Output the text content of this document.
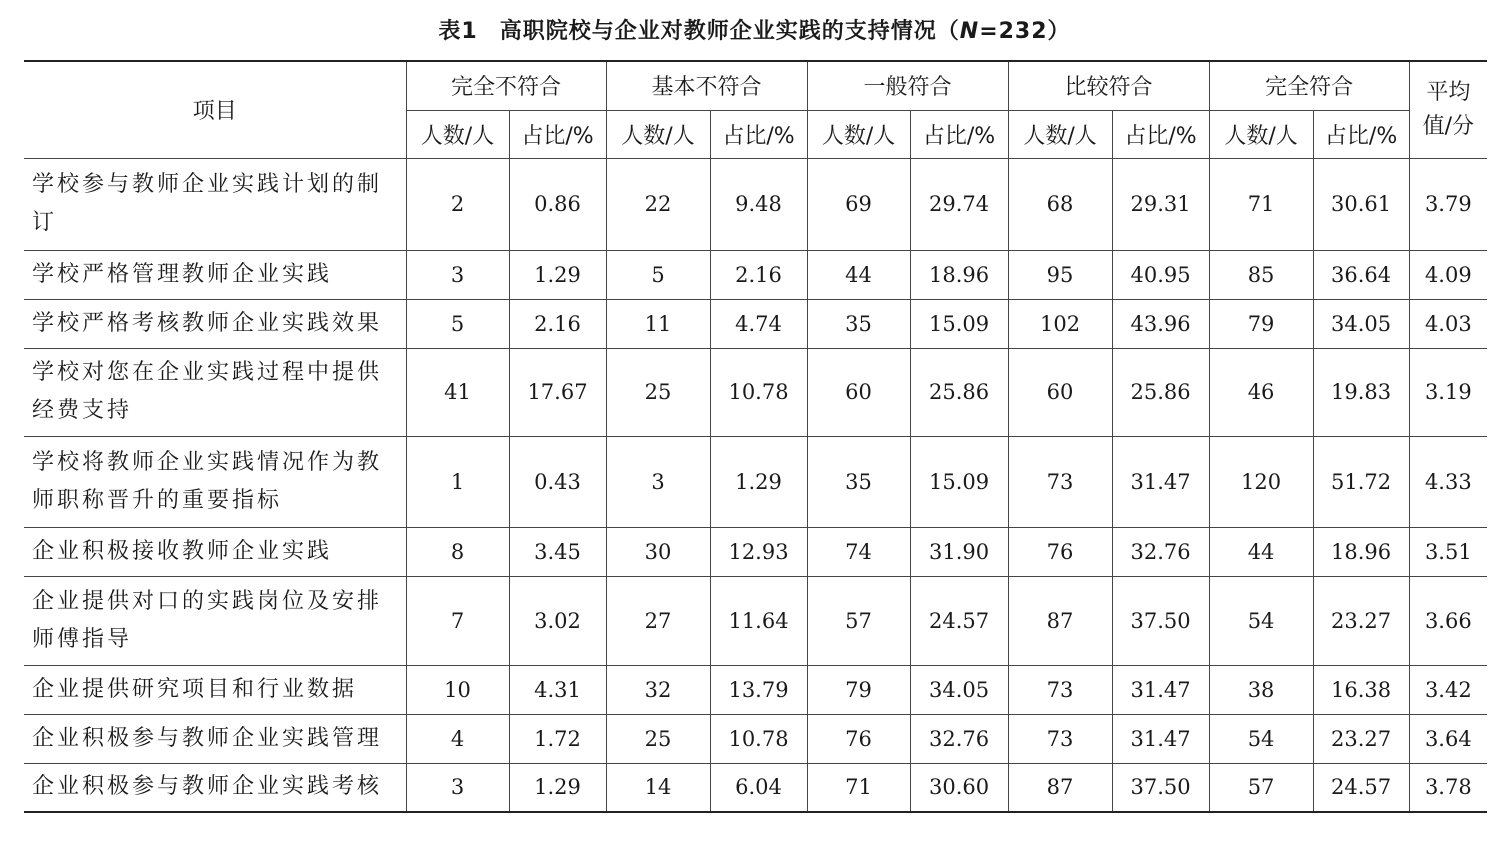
表1 高职院校与企业对教师企业实践的支持情况（N=232）
项目	完全不符合		基本不符合		一般符合		比较符合		完全符合		平均
值/分
	人数/人	占比/%	人数/人	占比/%	人数/人	占比/%	人数/人	占比/%	人数/人	占比/%	
学校参与教师企业实践计划的制订	2	0.86	22	9.48	69	29.74	68	29.31	71	30.61	3.79
学校严格管理教师企业实践	3	1.29	5	2.16	44	18.96	95	40.95	85	36.64	4.09
学校严格考核教师企业实践效果	5	2.16	11	4.74	35	15.09	102	43.96	79	34.05	4.03
学校对您在企业实践过程中提供经费支持	41	17.67	25	10.78	60	25.86	60	25.86	46	19.83	3.19
学校将教师企业实践情况作为教师职称晋升的重要指标	1	0.43	3	1.29	35	15.09	73	31.47	120	51.72	4.33
企业积极接收教师企业实践	8	3.45	30	12.93	74	31.90	76	32.76	44	18.96	3.51
企业提供对口的实践岗位及安排师傅指导	7	3.02	27	11.64	57	24.57	87	37.50	54	23.27	3.66
企业提供研究项目和行业数据	10	4.31	32	13.79	79	34.05	73	31.47	38	16.38	3.42
企业积极参与教师企业实践管理	4	1.72	25	10.78	76	32.76	73	31.47	54	23.27	3.64
企业积极参与教师企业实践考核	3	1.29	14	6.04	71	30.60	87	37.50	57	24.57	3.78
